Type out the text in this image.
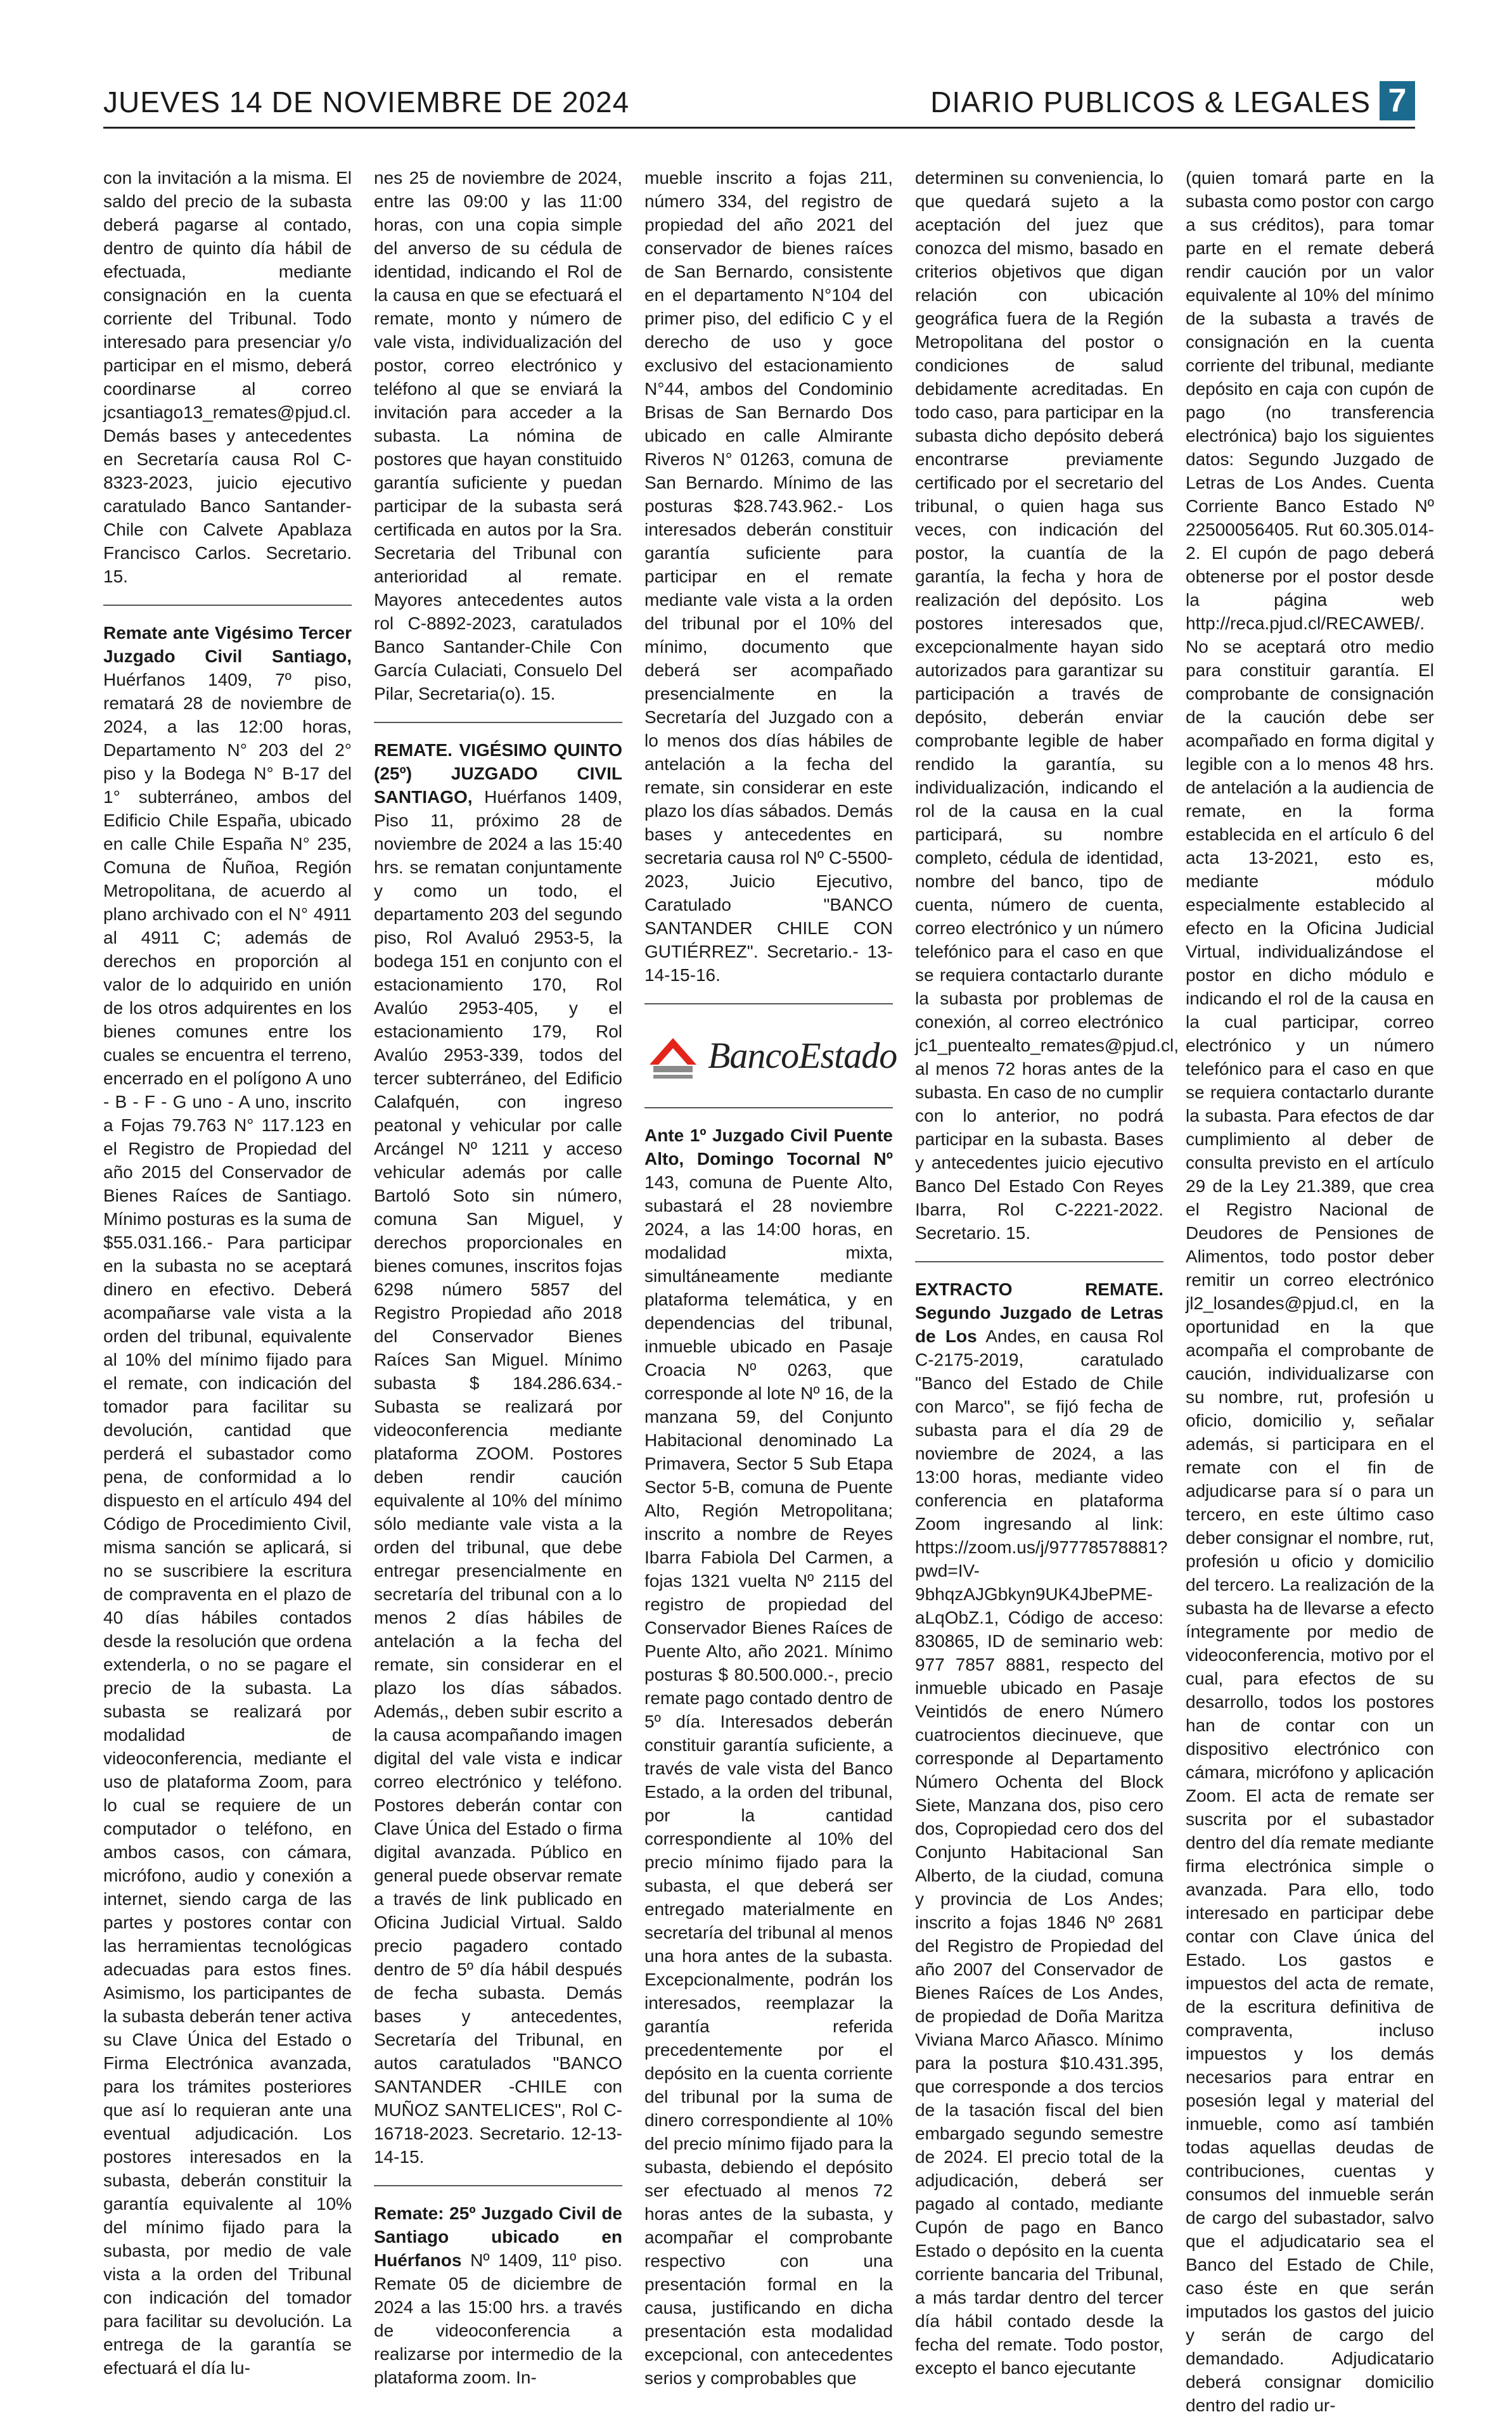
JUEVES 14 DE NOVIEMBRE DE 2024	DIARIO PUBLICOS & LEGALES 7

con la invitación a la misma. El saldo del precio de la subasta deberá pagarse al contado, dentro de quinto día hábil de efectuada, mediante consignación en la cuenta corriente del Tribunal. Todo interesado para presenciar y/o participar en el mismo, deberá coordinarse al correo jcsantiago13_remates@pjud.cl. Demás bases y antecedentes en Secretaría causa Rol C-8323-2023, juicio ejecutivo caratulado Banco Santander- Chile con Calvete Apablaza Francisco Carlos. Secretario. 15.

Remate ante Vigésimo Tercer Juzgado Civil Santiago, Huérfanos 1409, 7º piso, rematará 28 de noviembre de 2024, a las 12:00 horas, Departamento N° 203 del 2° piso y la Bodega N° B-17 del 1° subterráneo, ambos del Edificio Chile España, ubicado en calle Chile España N° 235, Comuna de Ñuñoa, Región Metropolitana, de acuerdo al plano archivado con el N° 4911 al 4911 C; además de derechos en proporción al valor de lo adquirido en unión de los otros adquirentes en los bienes comunes entre los cuales se encuentra el terreno, encerrado en el polígono A uno - B - F - G uno - A uno, inscrito a Fojas 79.763 N° 117.123 en el Registro de Propiedad del año 2015 del Conservador de Bienes Raíces de Santiago. Mínimo posturas es la suma de $55.031.166.- Para participar en la subasta no se aceptará dinero en efectivo. Deberá acompañarse vale vista a la orden del tribunal, equivalente al 10% del mínimo fijado para el remate, con indicación del tomador para facilitar su devolución, cantidad que perderá el subastador como pena, de conformidad a lo dispuesto en el artículo 494 del Código de Procedimiento Civil, misma sanción se aplicará, si no se suscribiere la escritura de compraventa en el plazo de 40 días hábiles contados desde la resolución que ordena extenderla, o no se pagare el precio de la subasta. La subasta se realizará por modalidad de videoconferencia, mediante el uso de plataforma Zoom, para lo cual se requiere de un computador o teléfono, en ambos casos, con cámara, micrófono, audio y conexión a internet, siendo carga de las partes y postores contar con las herramientas tecnológicas adecuadas para estos fines. Asimismo, los participantes de la subasta deberán tener activa su Clave Única del Estado o Firma Electrónica avanzada, para los trámites posteriores que así lo requieran ante una eventual adjudicación. Los postores interesados en la subasta, deberán constituir la garantía equivalente al 10% del mínimo fijado para la subasta, por medio de vale vista a la orden del Tribunal con indicación del tomador para facilitar su devolución. La entrega de la garantía se efectuará el día lu-

nes 25 de noviembre de 2024, entre las 09:00 y las 11:00 horas, con una copia simple del anverso de su cédula de identidad, indicando el Rol de la causa en que se efectuará el remate, monto y número de vale vista, individualización del postor, correo electrónico y teléfono al que se enviará la invitación para acceder a la subasta. La nómina de postores que hayan constituido garantía suficiente y puedan participar de la subasta será certificada en autos por la Sra. Secretaria del Tribunal con anterioridad al remate. Mayores antecedentes autos rol C-8892-2023, caratulados Banco Santander-Chile Con García Culaciati, Consuelo Del Pilar, Secretaria(o). 15.

REMATE. VIGÉSIMO QUINTO (25º) JUZGADO CIVIL SANTIAGO, Huérfanos 1409, Piso 11, próximo 28 de noviembre de 2024 a las 15:40 hrs. se rematan conjuntamente y como un todo, el departamento 203 del segundo piso, Rol Avaluó 2953-5, la bodega 151 en conjunto con el estacionamiento 170, Rol Avalúo 2953-405, y el estacionamiento 179, Rol Avalúo 2953-339, todos del tercer subterráneo, del Edificio Calafquén, con ingreso peatonal y vehicular por calle Arcángel Nº 1211 y acceso vehicular además por calle Bartoló Soto sin número, comuna San Miguel, y derechos proporcionales en bienes comunes, inscritos fojas 6298 número 5857 del Registro Propiedad año 2018 del Conservador Bienes Raíces San Miguel. Mínimo subasta $ 184.286.634.- Subasta se realizará por videoconferencia mediante plataforma ZOOM. Postores deben rendir caución equivalente al 10% del mínimo sólo mediante vale vista a la orden del tribunal, que debe entregar presencialmente en secretaría del tribunal con a lo menos 2 días hábiles de antelación a la fecha del remate, sin considerar en el plazo los días sábados. Además,, deben subir escrito a la causa acompañando imagen digital del vale vista e indicar correo electrónico y teléfono. Postores deberán contar con Clave Única del Estado o firma digital avanzada. Público en general puede observar remate a través de link publicado en Oficina Judicial Virtual. Saldo precio pagadero contado dentro de 5º día hábil después de fecha subasta. Demás bases y antecedentes, Secretaría del Tribunal, en autos caratulados "BANCO SANTANDER -CHILE con MUÑOZ SANTELICES", Rol C-16718-2023. Secretario. 12-13-14-15.

Remate: 25º Juzgado Civil de Santiago ubicado en Huérfanos Nº 1409, 11º piso. Remate 05 de diciembre de 2024 a las 15:00 hrs. a través de videoconferencia a realizarse por intermedio de la plataforma zoom. In-

mueble inscrito a fojas 211, número 334, del registro de propiedad del año 2021 del conservador de bienes raíces de San Bernardo, consistente en el departamento N°104 del primer piso, del edificio C y el derecho de uso y goce exclusivo del estacionamiento N°44, ambos del Condominio Brisas de San Bernardo Dos ubicado en calle Almirante Riveros N° 01263, comuna de San Bernardo. Mínimo de las posturas $28.743.962.- Los interesados deberán constituir garantía suficiente para participar en el remate mediante vale vista a la orden del tribunal por el 10% del mínimo, documento que deberá ser acompañado presencialmente en la Secretaría del Juzgado con a lo menos dos días hábiles de antelación a la fecha del remate, sin considerar en este plazo los días sábados. Demás bases y antecedentes en secretaria causa rol Nº C-5500-2023, Juicio Ejecutivo, Caratulado "BANCO SANTANDER CHILE CON GUTIÉRREZ". Secretario.- 13-14-15-16.

BancoEstado

Ante 1º Juzgado Civil Puente Alto, Domingo Tocornal Nº 143, comuna de Puente Alto, subastará el 28 noviembre 2024, a las 14:00 horas, en modalidad mixta, simultáneamente mediante plataforma telemática, y en dependencias del tribunal, inmueble ubicado en Pasaje Croacia Nº 0263, que corresponde al lote Nº 16, de la manzana 59, del Conjunto Habitacional denominado La Primavera, Sector 5 Sub Etapa Sector 5-B, comuna de Puente Alto, Región Metropolitana; inscrito a nombre de Reyes Ibarra Fabiola Del Carmen, a fojas 1321 vuelta Nº 2115 del registro de propiedad del Conservador Bienes Raíces de Puente Alto, año 2021. Mínimo posturas $ 80.500.000.-, precio remate pago contado dentro de 5º día. Interesados deberán constituir garantía suficiente, a través de vale vista del Banco Estado, a la orden del tribunal, por la cantidad correspondiente al 10% del precio mínimo fijado para la subasta, el que deberá ser entregado materialmente en secretaría del tribunal al menos una hora antes de la subasta. Excepcionalmente, podrán los interesados, reemplazar la garantía referida precedentemente por el depósito en la cuenta corriente del tribunal por la suma de dinero correspondiente al 10% del precio mínimo fijado para la subasta, debiendo el depósito ser efectuado al menos 72 horas antes de la subasta, y acompañar el comprobante respectivo con una presentación formal en la causa, justificando en dicha presentación esta modalidad excepcional, con antecedentes serios y comprobables que

determinen su conveniencia, lo que quedará sujeto a la aceptación del juez que conozca del mismo, basado en criterios objetivos que digan relación con ubicación geográfica fuera de la Región Metropolitana del postor o condiciones de salud debidamente acreditadas. En todo caso, para participar en la subasta dicho depósito deberá encontrarse previamente certificado por el secretario del tribunal, o quien haga sus veces, con indicación del postor, la cuantía de la garantía, la fecha y hora de realización del depósito. Los postores interesados que, excepcionalmente hayan sido autorizados para garantizar su participación a través de depósito, deberán enviar comprobante legible de haber rendido la garantía, su individualización, indicando el rol de la causa en la cual participará, su nombre completo, cédula de identidad, nombre del banco, tipo de cuenta, número de cuenta, correo electrónico y un número telefónico para el caso en que se requiera contactarlo durante la subasta por problemas de conexión, al correo electrónico jc1_puentealto_remates@pjud.cl, al menos 72 horas antes de la subasta. En caso de no cumplir con lo anterior, no podrá participar en la subasta. Bases y antecedentes juicio ejecutivo Banco Del Estado Con Reyes Ibarra, Rol C-2221-2022. Secretario. 15.

EXTRACTO REMATE. Segundo Juzgado de Letras de Los Andes, en causa Rol C-2175-2019, caratulado "Banco del Estado de Chile con Marco", se fijó fecha de subasta para el día 29 de noviembre de 2024, a las 13:00 horas, mediante video conferencia en plataforma Zoom ingresando al link: https://zoom.us/j/97778578881?pwd=IV-9bhqzAJGbkyn9UK4JbePME-aLqObZ.1, Código de acceso: 830865, ID de seminario web: 977 7857 8881, respecto del inmueble ubicado en Pasaje Veintidós de enero Número cuatrocientos diecinueve, que corresponde al Departamento Número Ochenta del Block Siete, Manzana dos, piso cero dos, Copropiedad cero dos del Conjunto Habitacional San Alberto, de la ciudad, comuna y provincia de Los Andes; inscrito a fojas 1846 Nº 2681 del Registro de Propiedad del año 2007 del Conservador de Bienes Raíces de Los Andes, de propiedad de Doña Maritza Viviana Marco Añasco. Mínimo para la postura $10.431.395, que corresponde a dos tercios de la tasación fiscal del bien embargado segundo semestre de 2024. El precio total de la adjudicación, deberá ser pagado al contado, mediante Cupón de pago en Banco Estado o depósito en la cuenta corriente bancaria del Tribunal, a más tardar dentro del tercer día hábil contado desde la fecha del remate. Todo postor, excepto el banco ejecutante

(quien tomará parte en la subasta como postor con cargo a sus créditos), para tomar parte en el remate deberá rendir caución por un valor equivalente al 10% del mínimo de la subasta a través de consignación en la cuenta corriente del tribunal, mediante depósito en caja con cupón de pago (no transferencia electrónica) bajo los siguientes datos: Segundo Juzgado de Letras de Los Andes. Cuenta Corriente Banco Estado Nº 22500056405. Rut 60.305.014-2. El cupón de pago deberá obtenerse por el postor desde la página web http://reca.pjud.cl/RECAWEB/. No se aceptará otro medio para constituir garantía. El comprobante de consignación de la caución debe ser acompañado en forma digital y legible con a lo menos 48 hrs. de antelación a la audiencia de remate, en la forma establecida en el artículo 6 del acta 13-2021, esto es, mediante módulo especialmente establecido al efecto en la Oficina Judicial Virtual, individualizándose el postor en dicho módulo e indicando el rol de la causa en la cual participar, correo electrónico y un número telefónico para el caso en que se requiera contactarlo durante la subasta. Para efectos de dar cumplimiento al deber de consulta previsto en el artículo 29 de la Ley 21.389, que crea el Registro Nacional de Deudores de Pensiones de Alimentos, todo postor deber remitir un correo electrónico jl2_losandes@pjud.cl, en la oportunidad en la que acompaña el comprobante de caución, individualizarse con su nombre, rut, profesión u oficio, domicilio y, señalar además, si participara en el remate con el fin de adjudicarse para sí o para un tercero, en este último caso deber consignar el nombre, rut, profesión u oficio y domicilio del tercero. La realización de la subasta ha de llevarse a efecto íntegramente por medio de videoconferencia, motivo por el cual, para efectos de su desarrollo, todos los postores han de contar con un dispositivo electrónico con cámara, micrófono y aplicación Zoom. El acta de remate ser suscrita por el subastador dentro del día remate mediante firma electrónica simple o avanzada. Para ello, todo interesado en participar debe contar con Clave única del Estado. Los gastos e impuestos del acta de remate, de la escritura definitiva de compraventa, incluso impuestos y los demás necesarios para entrar en posesión legal y material del inmueble, como así también todas aquellas deudas de contribuciones, cuentas y consumos del inmueble serán de cargo del subastador, salvo que el adjudicatario sea el Banco del Estado de Chile, caso éste en que serán imputados los gastos del juicio y serán de cargo del demandado. Adjudicatario deberá consignar domicilio dentro del radio ur-
